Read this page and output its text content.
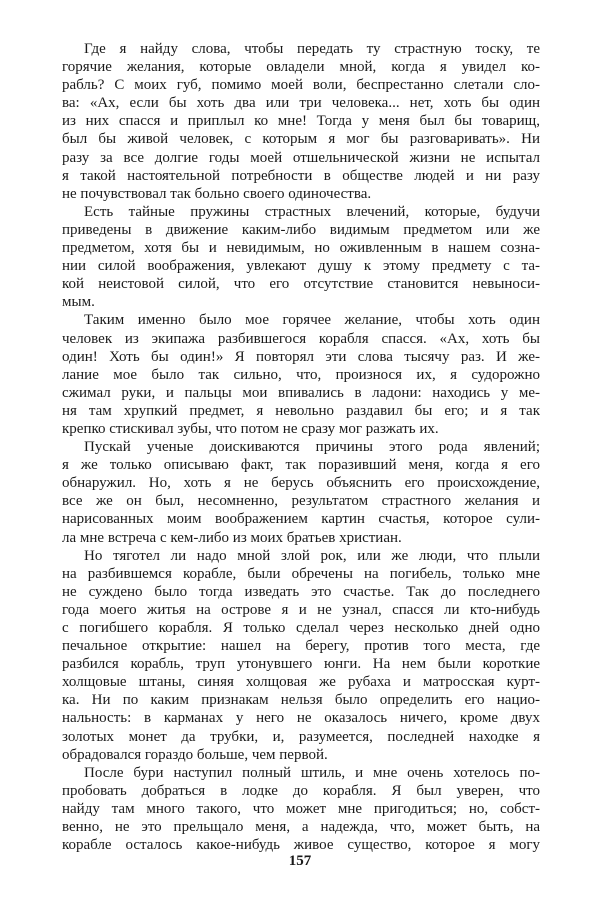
Где я найду слова, чтобы передать ту страстную тоску, те
горячие желания, которые овладели мной, когда я увидел ко-
рабль? С моих губ, помимо моей воли, беспрестанно слетали сло-
ва: «Ах, если бы хоть два или три человека... нет, хоть бы один
из них спасся и приплыл ко мне! Тогда у меня был бы товарищ,
был бы живой человек, с которым я мог бы разговаривать». Ни
разу за все долгие годы моей отшельнической жизни не испытал
я такой настоятельной потребности в обществе людей и ни разу
не почувствовал так больно своего одиночества.
Есть тайные пружины страстных влечений, которые, будучи
приведены в движение каким-либо видимым предметом или же
предметом, хотя бы и невидимым, но оживленным в нашем созна-
нии силой воображения, увлекают душу к этому предмету с та-
кой неистовой силой, что его отсутствие становится невыноси-
мым.
Таким именно было мое горячее желание, чтобы хоть один
человек из экипажа разбившегося корабля спасся. «Ах, хоть бы
один! Хоть бы один!» Я повторял эти слова тысячу раз. И же-
лание мое было так сильно, что, произнося их, я судорожно
сжимал руки, и пальцы мои впивались в ладони: находись у ме-
ня там хрупкий предмет, я невольно раздавил бы его; и я так
крепко стискивал зубы, что потом не сразу мог разжать их.
Пускай ученые доискиваются причины этого рода явлений;
я же только описываю факт, так поразивший меня, когда я его
обнаружил. Но, хоть я не берусь объяснить его происхождение,
все же он был, несомненно, результатом страстного желания и
нарисованных моим воображением картин счастья, которое сули-
ла мне встреча с кем-либо из моих братьев христиан.
Но тяготел ли надо мной злой рок, или же люди, что плыли
на разбившемся корабле, были обречены на погибель, только мне
не суждено было тогда изведать это счастье. Так до последнего
года моего житья на острове я и не узнал, спасся ли кто-нибудь
с погибшего корабля. Я только сделал через несколько дней одно
печальное открытие: нашел на берегу, против того места, где
разбился корабль, труп утонувшего юнги. На нем были короткие
холщовые штаны, синяя холщовая же рубаха и матросская курт-
ка. Ни по каким признакам нельзя было определить его нацио-
нальность: в карманах у него не оказалось ничего, кроме двух
золотых монет да трубки, и, разумеется, последней находке я
обрадовался гораздо больше, чем первой.
После бури наступил полный штиль, и мне очень хотелось по-
пробовать добраться в лодке до корабля. Я был уверен, что
найду там много такого, что может мне пригодиться; но, собст-
венно, не это прельщало меня, а надежда, что, может быть, на
корабле осталось какое-нибудь живое существо, которое я могу
157
